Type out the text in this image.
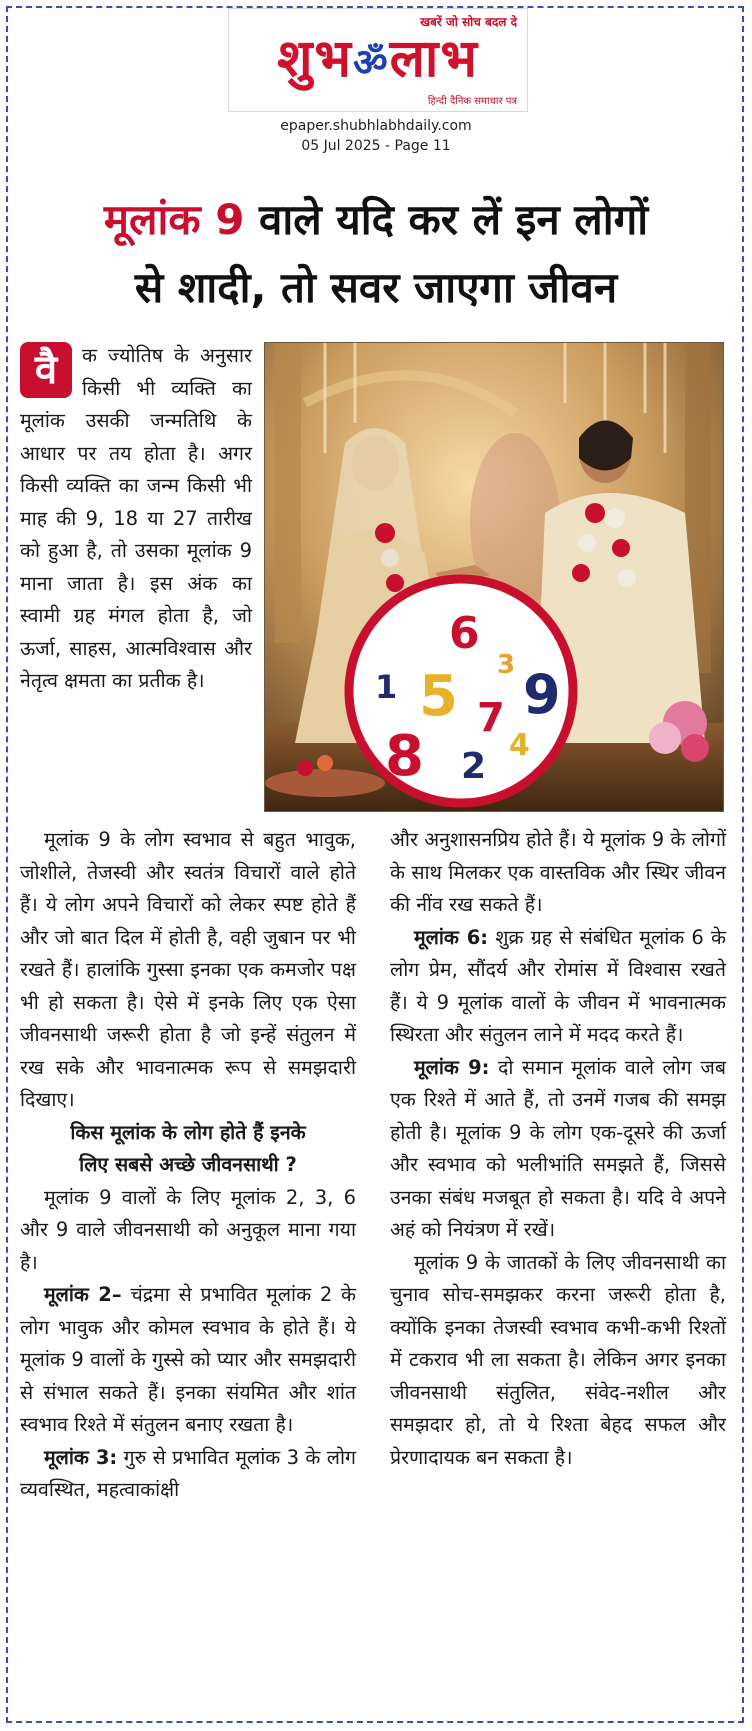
खबरें जो सोच बदल दे
शुभॐलाभ
हिन्दी दैनिक समाचार पत्र
epaper.shubhlabhdaily.com
05 Jul 2025 - Page 11
मूलांक 9 वाले यदि कर लें इन लोगों
से शादी, तो सवर जाएगा जीवन

वै	क ज्योतिष के अनुसार किसी भी व्यक्ति का मूलांक उसकी जन्मतिथि के आधार पर तय होता है। अगर किसी व्यक्ति का जन्म किसी भी माह की 9, 18 या 27 तारीख को हुआ है, तो उसका मूलांक 9 माना जाता है। इस अंक का स्वामी ग्रह मंगल होता है, जो ऊर्जा, साहस, आत्मविश्वास और नेतृत्व क्षमता का प्रतीक है।

6
3
1 5 7 9
8 2
4

मूलांक 9 के लोग स्वभाव से बहुत भावुक, जोशीले, तेजस्वी और स्वतंत्र विचारों वाले होते हैं। ये लोग अपने विचारों को लेकर स्पष्ट होते हैं और जो बात दिल में होती है, वही जुबान पर भी रखते हैं। हालांकि गुस्सा इनका एक कमजोर पक्ष भी हो सकता है। ऐसे में इनके लिए एक ऐसा जीवनसाथी जरूरी होता है जो इन्हें संतुलन में रख सके और भावनात्मक रूप से समझदारी दिखाए।

किस मूलांक के लोग होते हैं इनके
लिए सबसे अच्छे जीवनसाथी ?

मूलांक 9 वालों के लिए मूलांक 2, 3, 6 और 9 वाले जीवनसाथी को अनुकूल माना गया है।

मूलांक 2– चंद्रमा से प्रभावित मूलांक 2 के लोग भावुक और कोमल स्वभाव के होते हैं। ये मूलांक 9 वालों के गुस्से को प्यार और समझदारी से संभाल सकते हैं। इनका संयमित और शांत स्वभाव रिश्ते में संतुलन बनाए रखता है।

मूलांक 3: गुरु से प्रभावित मूलांक 3 के लोग व्यवस्थित, महत्वाकांक्षी

और अनुशासनप्रिय होते हैं। ये मूलांक 9 के लोगों के साथ मिलकर एक वास्तविक और स्थिर जीवन की नींव रख सकते हैं।

मूलांक 6: शुक्र ग्रह से संबंधित मूलांक 6 के लोग प्रेम, सौंदर्य और रोमांस में विश्वास रखते हैं। ये 9 मूलांक वालों के जीवन में भावनात्मक स्थिरता और संतुलन लाने में मदद करते हैं।

मूलांक 9: दो समान मूलांक वाले लोग जब एक रिश्ते में आते हैं, तो उनमें गजब की समझ होती है। मूलांक 9 के लोग एक-दूसरे की ऊर्जा और स्वभाव को भलीभांति समझते हैं, जिससे उनका संबंध मजबूत हो सकता है। यदि वे अपने अहं को नियंत्रण में रखें।

मूलांक 9 के जातकों के लिए जीवनसाथी का चुनाव सोच-समझकर करना जरूरी होता है, क्योंकि इनका तेजस्वी स्वभाव कभी-कभी रिश्तों में टकराव भी ला सकता है। लेकिन अगर इनका जीवनसाथी संतुलित, संवेद-नशील और समझदार हो, तो ये रिश्ता बेहद सफल और प्रेरणादायक बन सकता है।
